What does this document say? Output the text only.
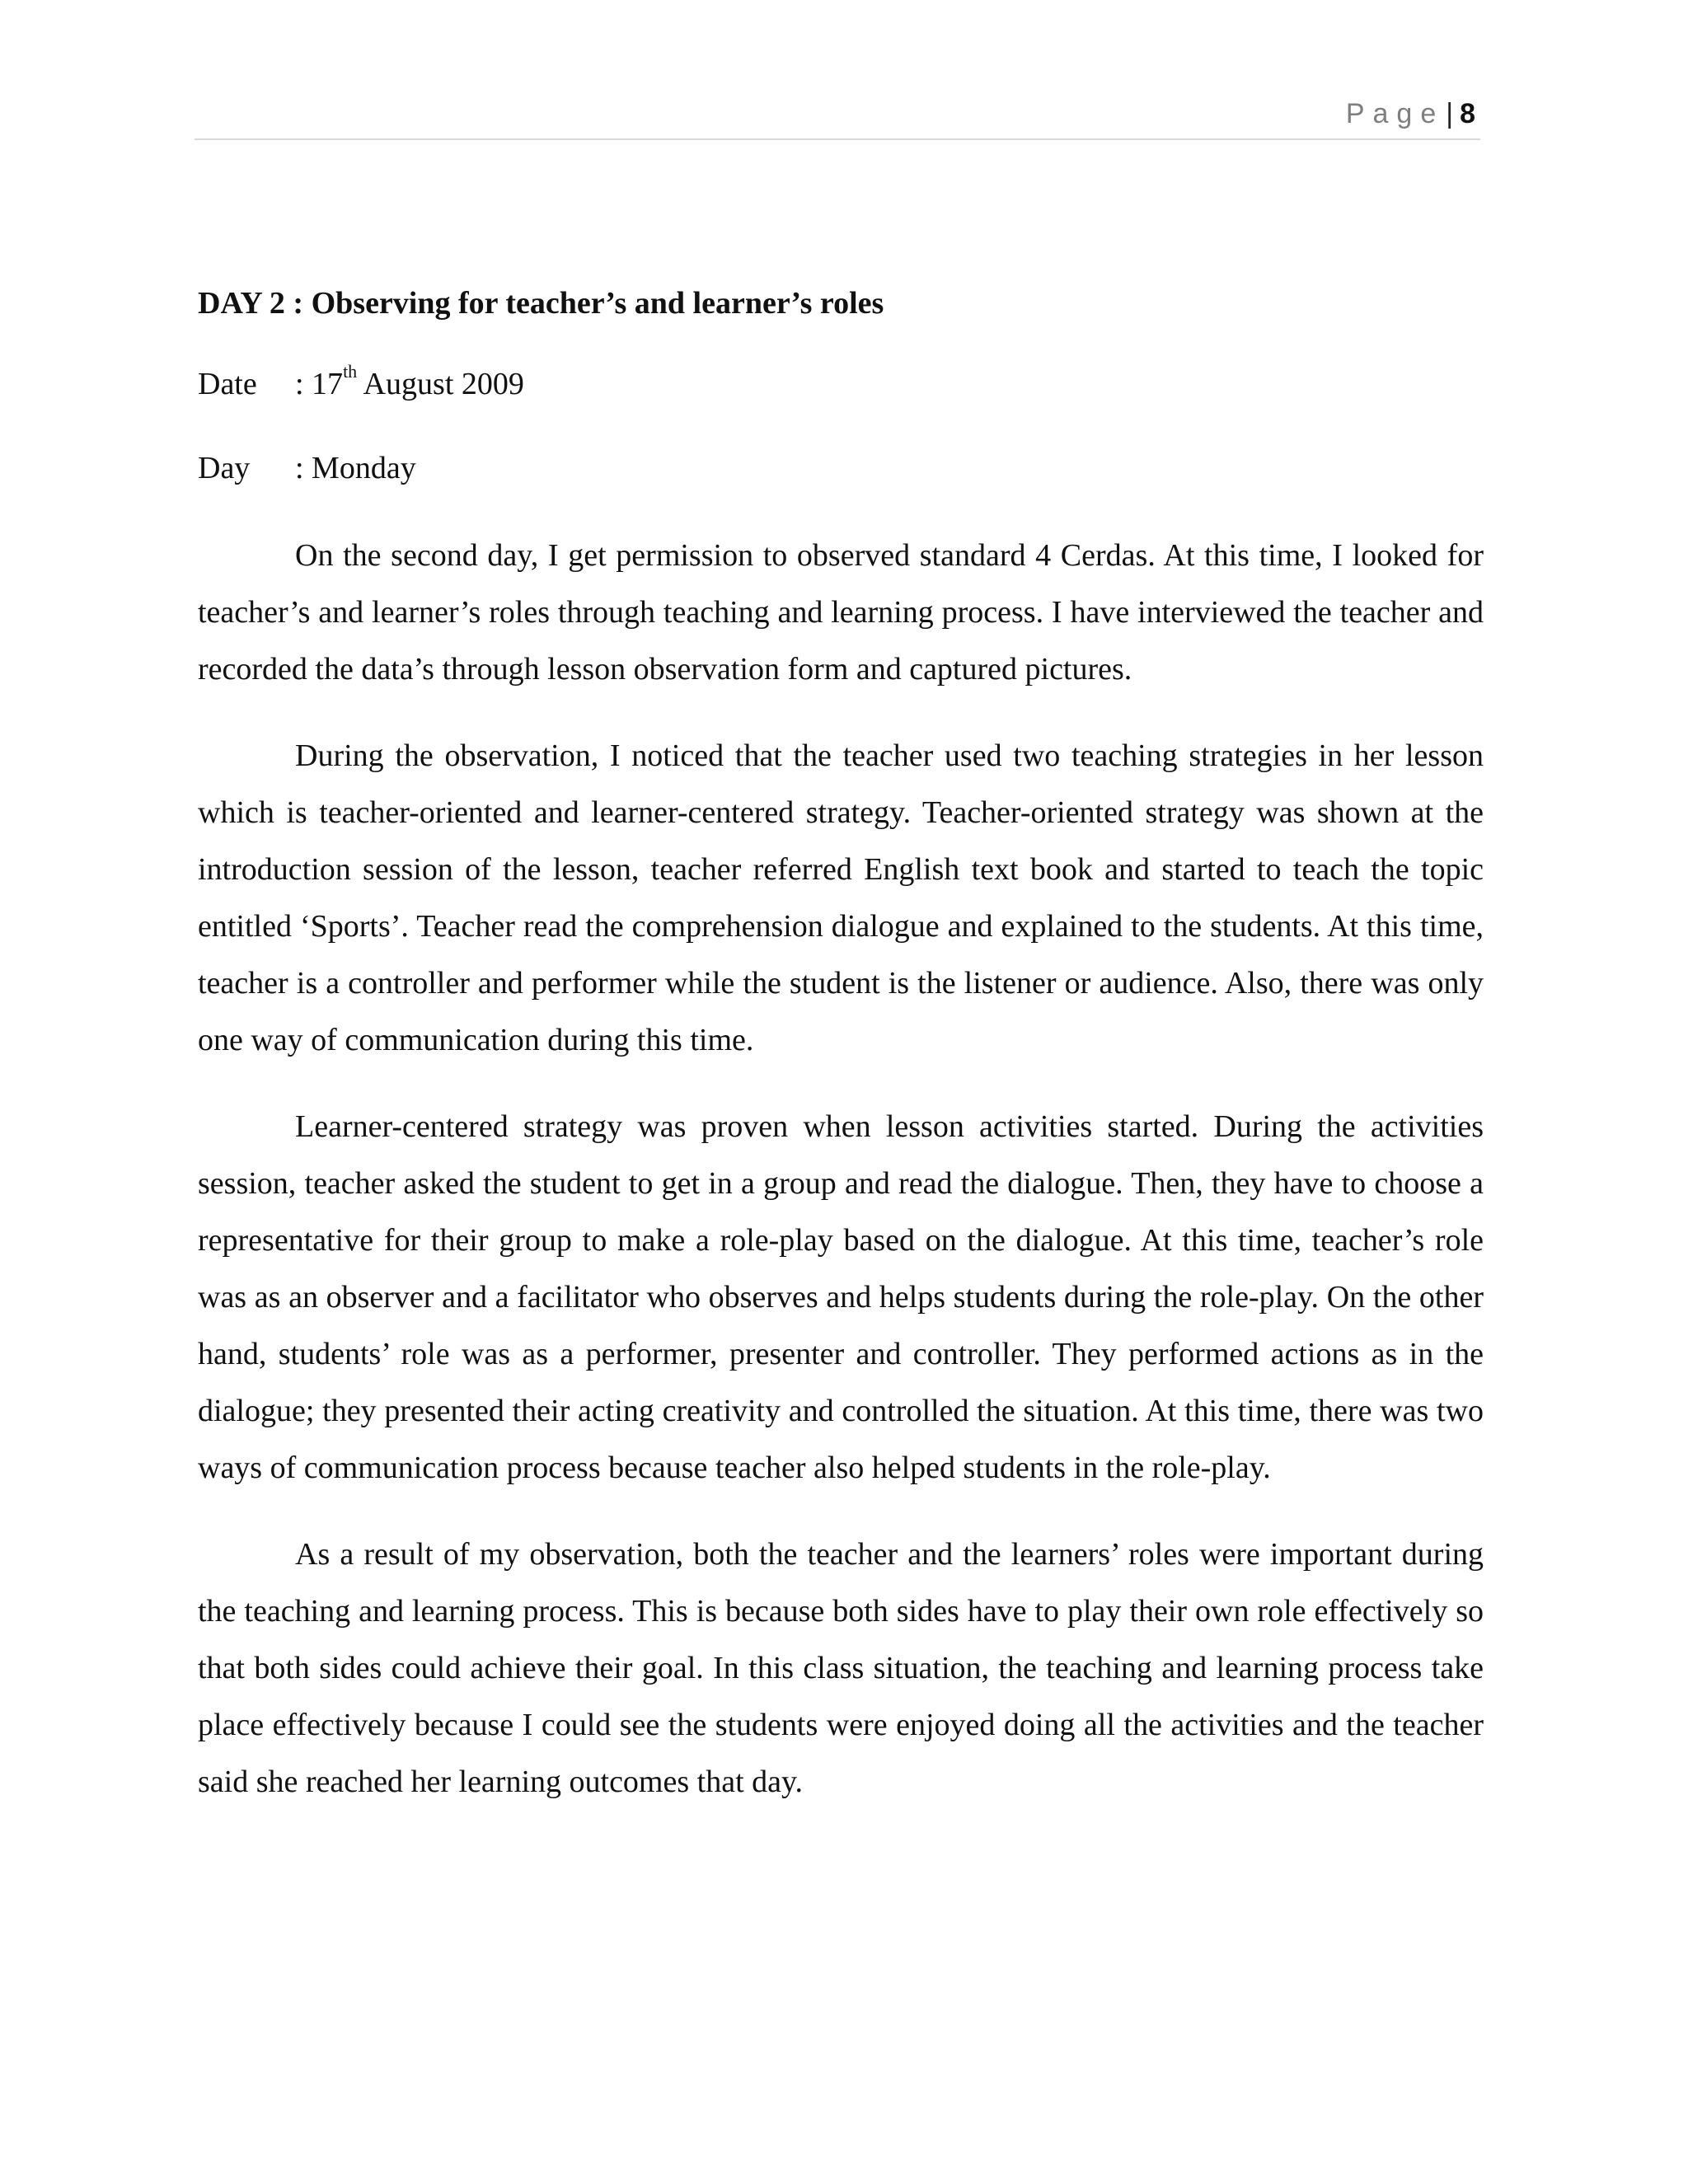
Page| 8
DAY 2 : Observing for teacher’s and learner’s roles
Date	: 17th August 2009
Day	: Monday

On the second day, I get permission to observed standard 4 Cerdas. At this time, I looked for teacher’s and learner’s roles through teaching and learning process. I have interviewed the teacher and recorded the data’s through lesson observation form and captured pictures.

During the observation, I noticed that the teacher used two teaching strategies in her lesson which is teacher-oriented and learner-centered strategy. Teacher-oriented strategy was shown at the introduction session of the lesson, teacher referred English text book and started to teach the topic entitled ‘Sports’. Teacher read the comprehension dialogue and explained to the students. At this time, teacher is a controller and performer while the student is the listener or audience. Also, there was only one way of communication during this time.

Learner-centered strategy was proven when lesson activities started. During the activities session, teacher asked the student to get in a group and read the dialogue. Then, they have to choose a representative for their group to make a role-play based on the dialogue. At this time, teacher’s role was as an observer and a facilitator who observes and helps students during the role-play. On the other hand, students’ role was as a performer, presenter and controller. They performed actions as in the dialogue; they presented their acting creativity and controlled the situation. At this time, there was two ways of communication process because teacher also helped students in the role-play.

As a result of my observation, both the teacher and the learners’ roles were important during the teaching and learning process. This is because both sides have to play their own role effectively so that both sides could achieve their goal. In this class situation, the teaching and learning process take place effectively because I could see the students were enjoyed doing all the activities and the teacher said she reached her learning outcomes that day.
